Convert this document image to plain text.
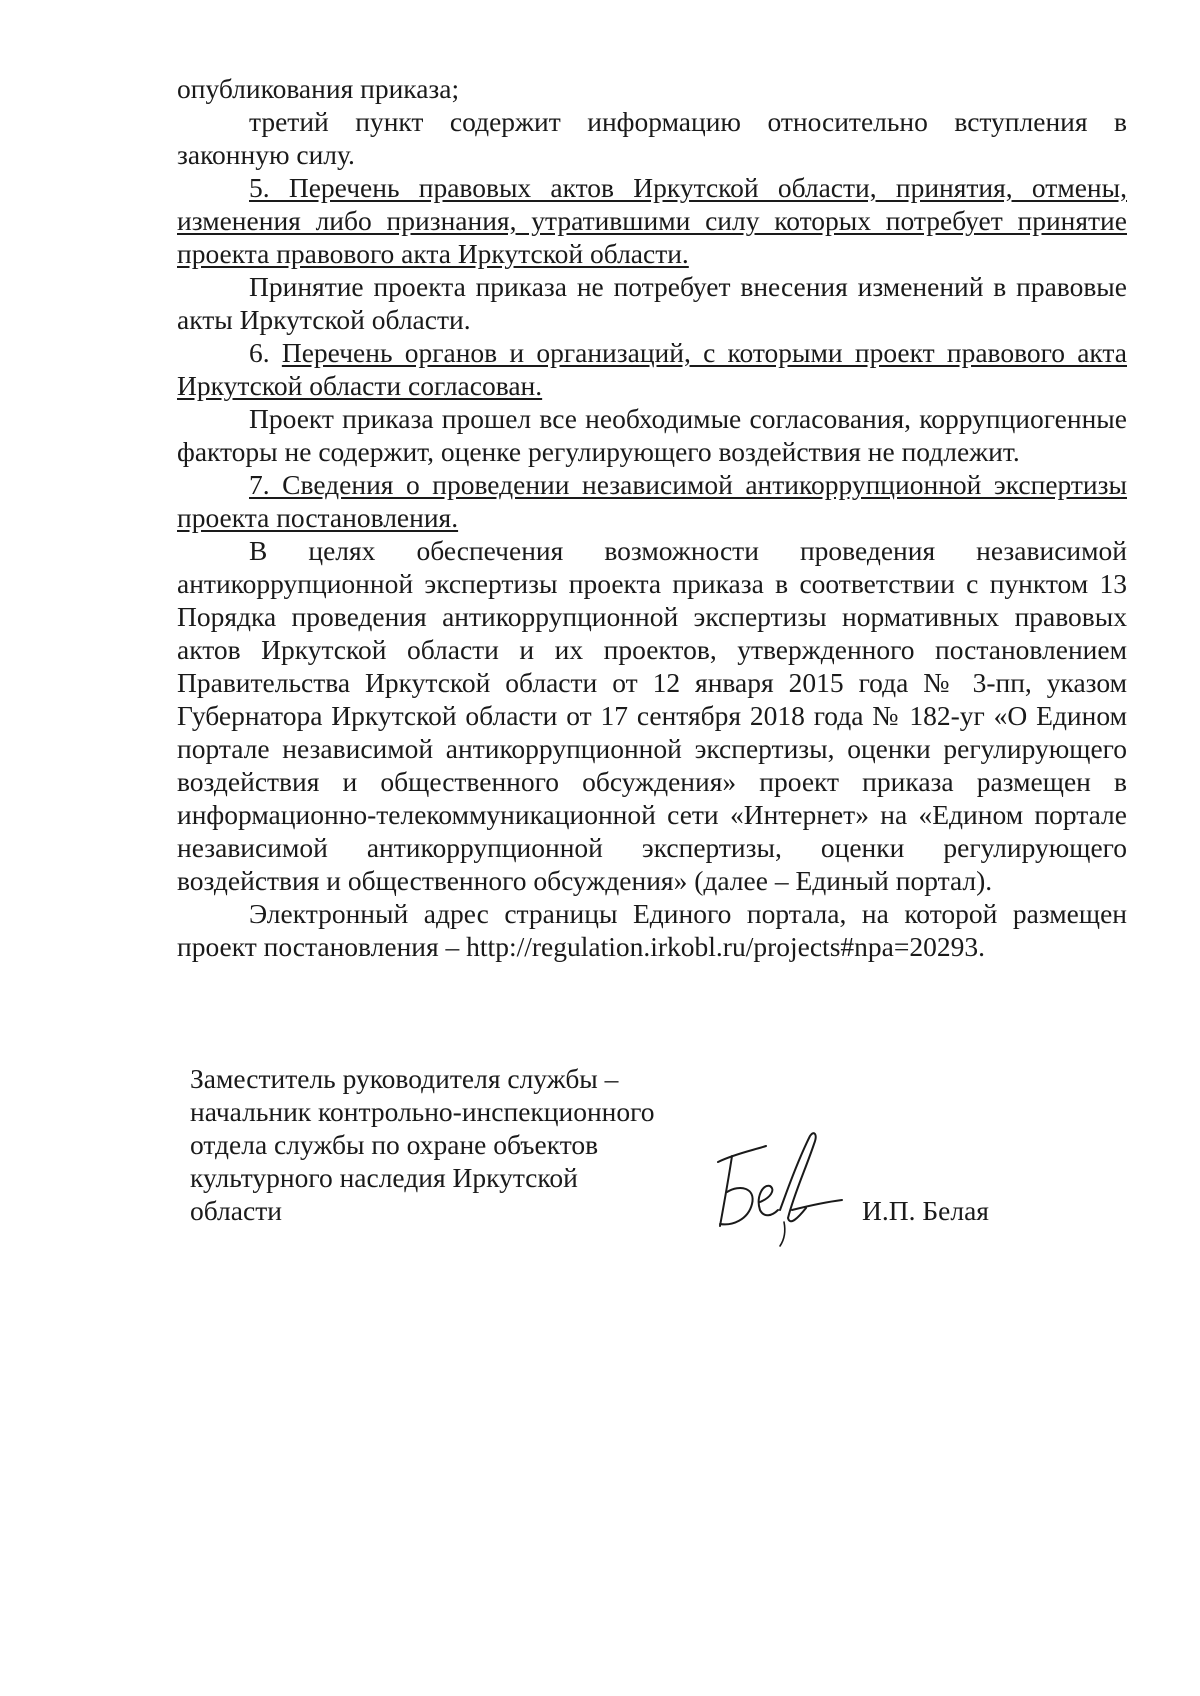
опубликования приказа;

третий пункт содержит информацию относительно вступления в законную силу.

5. Перечень правовых актов Иркутской области, принятия, отмены, изменения либо признания, утратившими силу которых потребует принятие проекта правового акта Иркутской области.

Принятие проекта приказа не потребует внесения изменений в правовые акты Иркутской области.

6. Перечень органов и организаций, с которыми проект правового акта Иркутской области согласован.

Проект приказа прошел все необходимые согласования, коррупциогенные факторы не содержит, оценке регулирующего воздействия не подлежит.

7. Сведения о проведении независимой антикоррупционной экспертизы проекта постановления.

В целях обеспечения возможности проведения независимой антикоррупционной экспертизы проекта приказа в соответствии с пунктом 13 Порядка проведения антикоррупционной экспертизы нормативных правовых актов Иркутской области и их проектов, утвержденного постановлением Правительства Иркутской области от 12 января 2015 года № 3-пп, указом Губернатора Иркутской области от 17 сентября 2018 года № 182-уг «О Едином портале независимой антикоррупционной экспертизы, оценки регулирующего воздействия и общественного обсуждения» проект приказа размещен в информационно-телекоммуникационной сети «Интернет» на «Едином портале независимой антикоррупционной экспертизы, оценки регулирующего воздействия и общественного обсуждения» (далее – Единый портал).

Электронный адрес страницы Единого портала, на которой размещен проект постановления – http://regulation.irkobl.ru/projects#npa=20293.

Заместитель руководителя службы –
начальник контрольно-инспекционного
отдела службы по охране объектов
культурного наследия Иркутской
области	И.П. Белая
